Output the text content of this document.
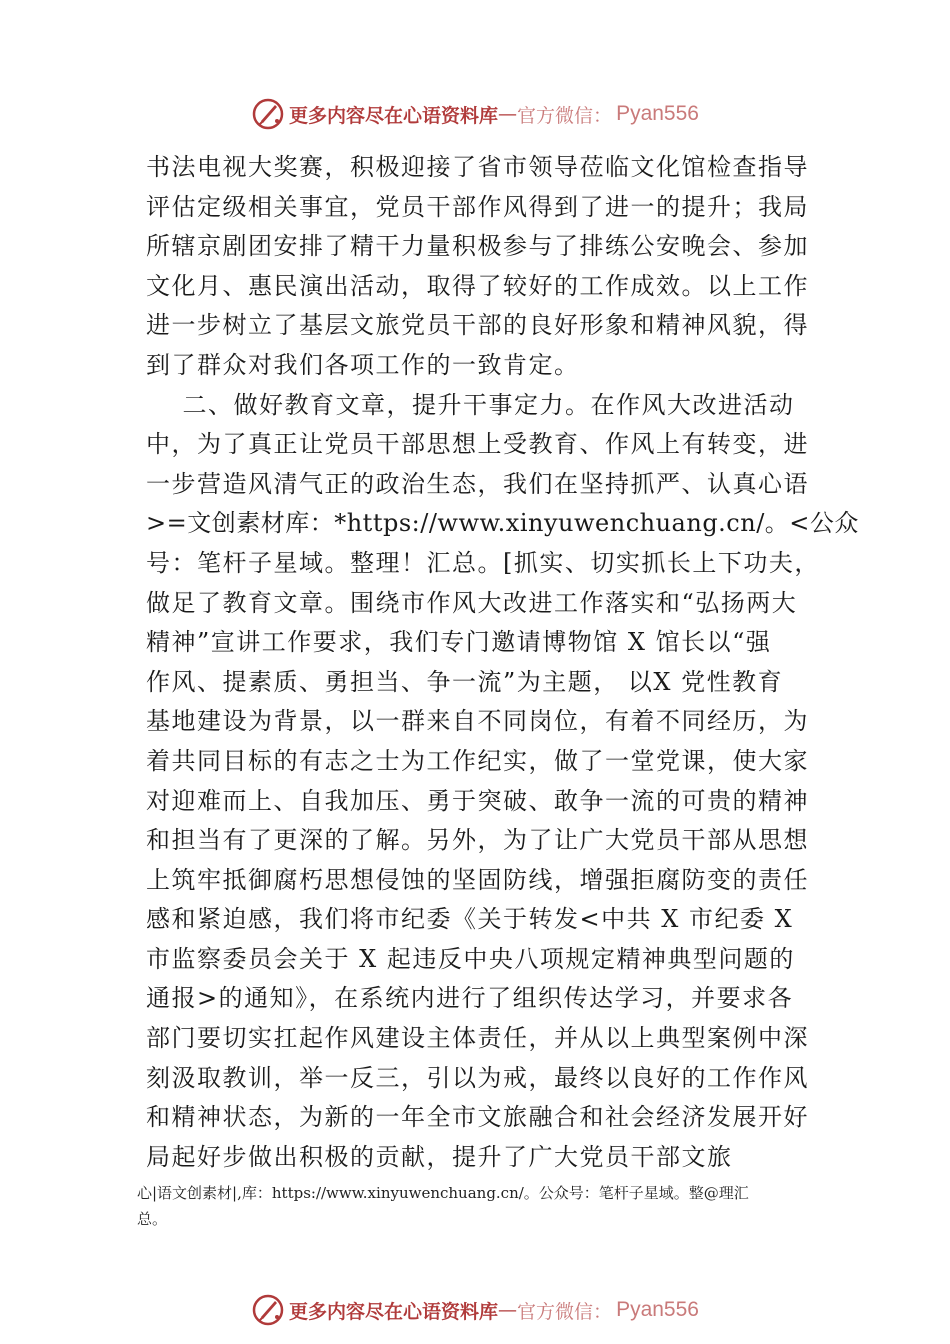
更多内容尽在心语资料库 — 官方微信： Pyan556
书法电视大奖赛，积极迎接了省市领导莅临文化馆检查指导
评估定级相关事宜，党员干部作风得到了进一的提升；我局
所辖京剧团安排了精干力量积极参与了排练公安晚会、参加
文化月、惠民演出活动，取得了较好的工作成效。以上工作
进一步树立了基层文旅党员干部的良好形象和精神风貌，得
到了群众对我们各项工作的一致肯定。
二、做好教育文章，提升干事定力。在作风大改进活动
中，为了真正让党员干部思想上受教育、作风上有转变，进
一步营造风清气正的政治生态，我们在坚持抓严、认真心语
>=文创素材库：*https://www.xinyuwenchuang.cn/。<公众
号：笔杆子星域。整理！汇总。[抓实、切实抓长上下功夫，
做足了教育文章。围绕市作风大改进工作落实和“弘扬两大
精神”宣讲工作要求，我们专门邀请博物馆 X 馆长以“强
作风、提素质、勇担当、争一流”为主题， 以X 党性教育
基地建设为背景，以一群来自不同岗位，有着不同经历，为
着共同目标的有志之士为工作纪实，做了一堂党课，使大家
对迎难而上、自我加压、勇于突破、敢争一流的可贵的精神
和担当有了更深的了解。另外，为了让广大党员干部从思想
上筑牢抵御腐朽思想侵蚀的坚固防线，增强拒腐防变的责任
感和紧迫感，我们将市纪委《关于转发<中共 X 市纪委 X
市监察委员会关于 X 起违反中央八项规定精神典型问题的
通报>的通知》，在系统内进行了组织传达学习，并要求各
部门要切实扛起作风建设主体责任，并从以上典型案例中深
刻汲取教训，举一反三，引以为戒，最终以良好的工作作风
和精神状态，为新的一年全市文旅融合和社会经济发展开好
局起好步做出积极的贡献，提升了广大党员干部文旅
心|语文创素材|,库：https://www.xinyuwenchuang.cn/。公众号：笔杆子星域。整@理汇
总。
更多内容尽在心语资料库 — 官方微信： Pyan556
